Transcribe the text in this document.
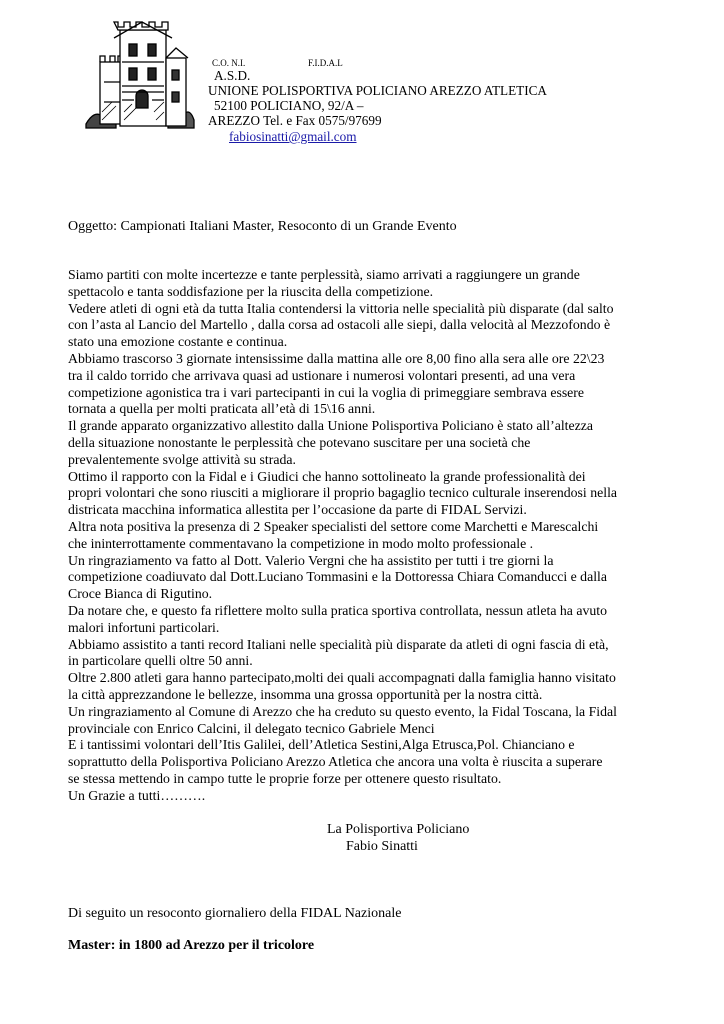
C.O. N.I.	F.I.D.A.L
A.S.D.
UNIONE POLISPORTIVA POLICIANO AREZZO ATLETICA
52100 POLICIANO, 92/A –
AREZZO Tel. e Fax 0575/97699
fabiosinatti@gmail.com
Oggetto: Campionati Italiani Master, Resoconto di un Grande Evento

Siamo partiti con molte incertezze e tante perplessità, siamo arrivati a raggiungere un grande

spettacolo e tanta soddisfazione per la riuscita della competizione.

Vedere atleti di ogni età da tutta Italia contendersi la vittoria nelle specialità più disparate (dal salto

con l’asta al Lancio del Martello , dalla corsa ad ostacoli alle siepi, dalla velocità al Mezzofondo è

stato una emozione costante e continua.

Abbiamo trascorso 3 giornate intensissime dalla mattina alle ore 8,00 fino alla sera alle ore 22\23

tra il caldo torrido che arrivava quasi ad ustionare i numerosi volontari presenti, ad una vera

competizione agonistica tra i vari partecipanti in cui la voglia di primeggiare sembrava essere

tornata a quella per molti praticata all’età di 15\16 anni.

Il grande apparato organizzativo allestito dalla Unione Polisportiva Policiano è stato all’altezza

della situazione nonostante le perplessità che potevano suscitare per una società che

prevalentemente svolge attività su strada.

Ottimo il rapporto con la Fidal e i Giudici che hanno sottolineato la grande professionalità dei

propri volontari che sono riusciti a migliorare il proprio bagaglio tecnico culturale inserendosi nella

districata macchina informatica allestita per l’occasione da parte di FIDAL Servizi.

Altra nota positiva la presenza di 2 Speaker specialisti del settore come Marchetti e Marescalchi

che ininterrottamente commentavano la competizione in modo molto professionale .

Un ringraziamento va fatto al Dott. Valerio Vergni che ha assistito per tutti i tre giorni la

competizione coadiuvato dal Dott.Luciano Tommasini e la Dottoressa Chiara Comanducci e dalla

Croce Bianca di Rigutino.

Da notare che, e questo fa riflettere molto sulla pratica sportiva controllata, nessun atleta ha avuto

malori infortuni particolari.

Abbiamo assistito a tanti record Italiani nelle specialità più disparate da atleti di ogni fascia di età,

in particolare quelli oltre 50 anni.

Oltre 2.800 atleti gara hanno partecipato,molti dei quali accompagnati dalla famiglia hanno visitato

la città apprezzandone le bellezze, insomma una grossa opportunità per la nostra città.

Un ringraziamento al Comune di Arezzo che ha creduto su questo evento, la Fidal Toscana, la Fidal

provinciale con Enrico Calcini, il delegato tecnico Gabriele Menci

E i tantissimi volontari dell’Itis Galilei, dell’Atletica Sestini,Alga Etrusca,Pol. Chianciano e

soprattutto della Polisportiva Policiano Arezzo Atletica che ancora una volta è riuscita a superare

se stessa mettendo in campo tutte le proprie forze per ottenere questo risultato.

Un Grazie a tutti……….

La Polisportiva Policiano
Fabio Sinatti
Di seguito un resoconto giornaliero della FIDAL Nazionale
Master: in 1800 ad Arezzo per il tricolore
